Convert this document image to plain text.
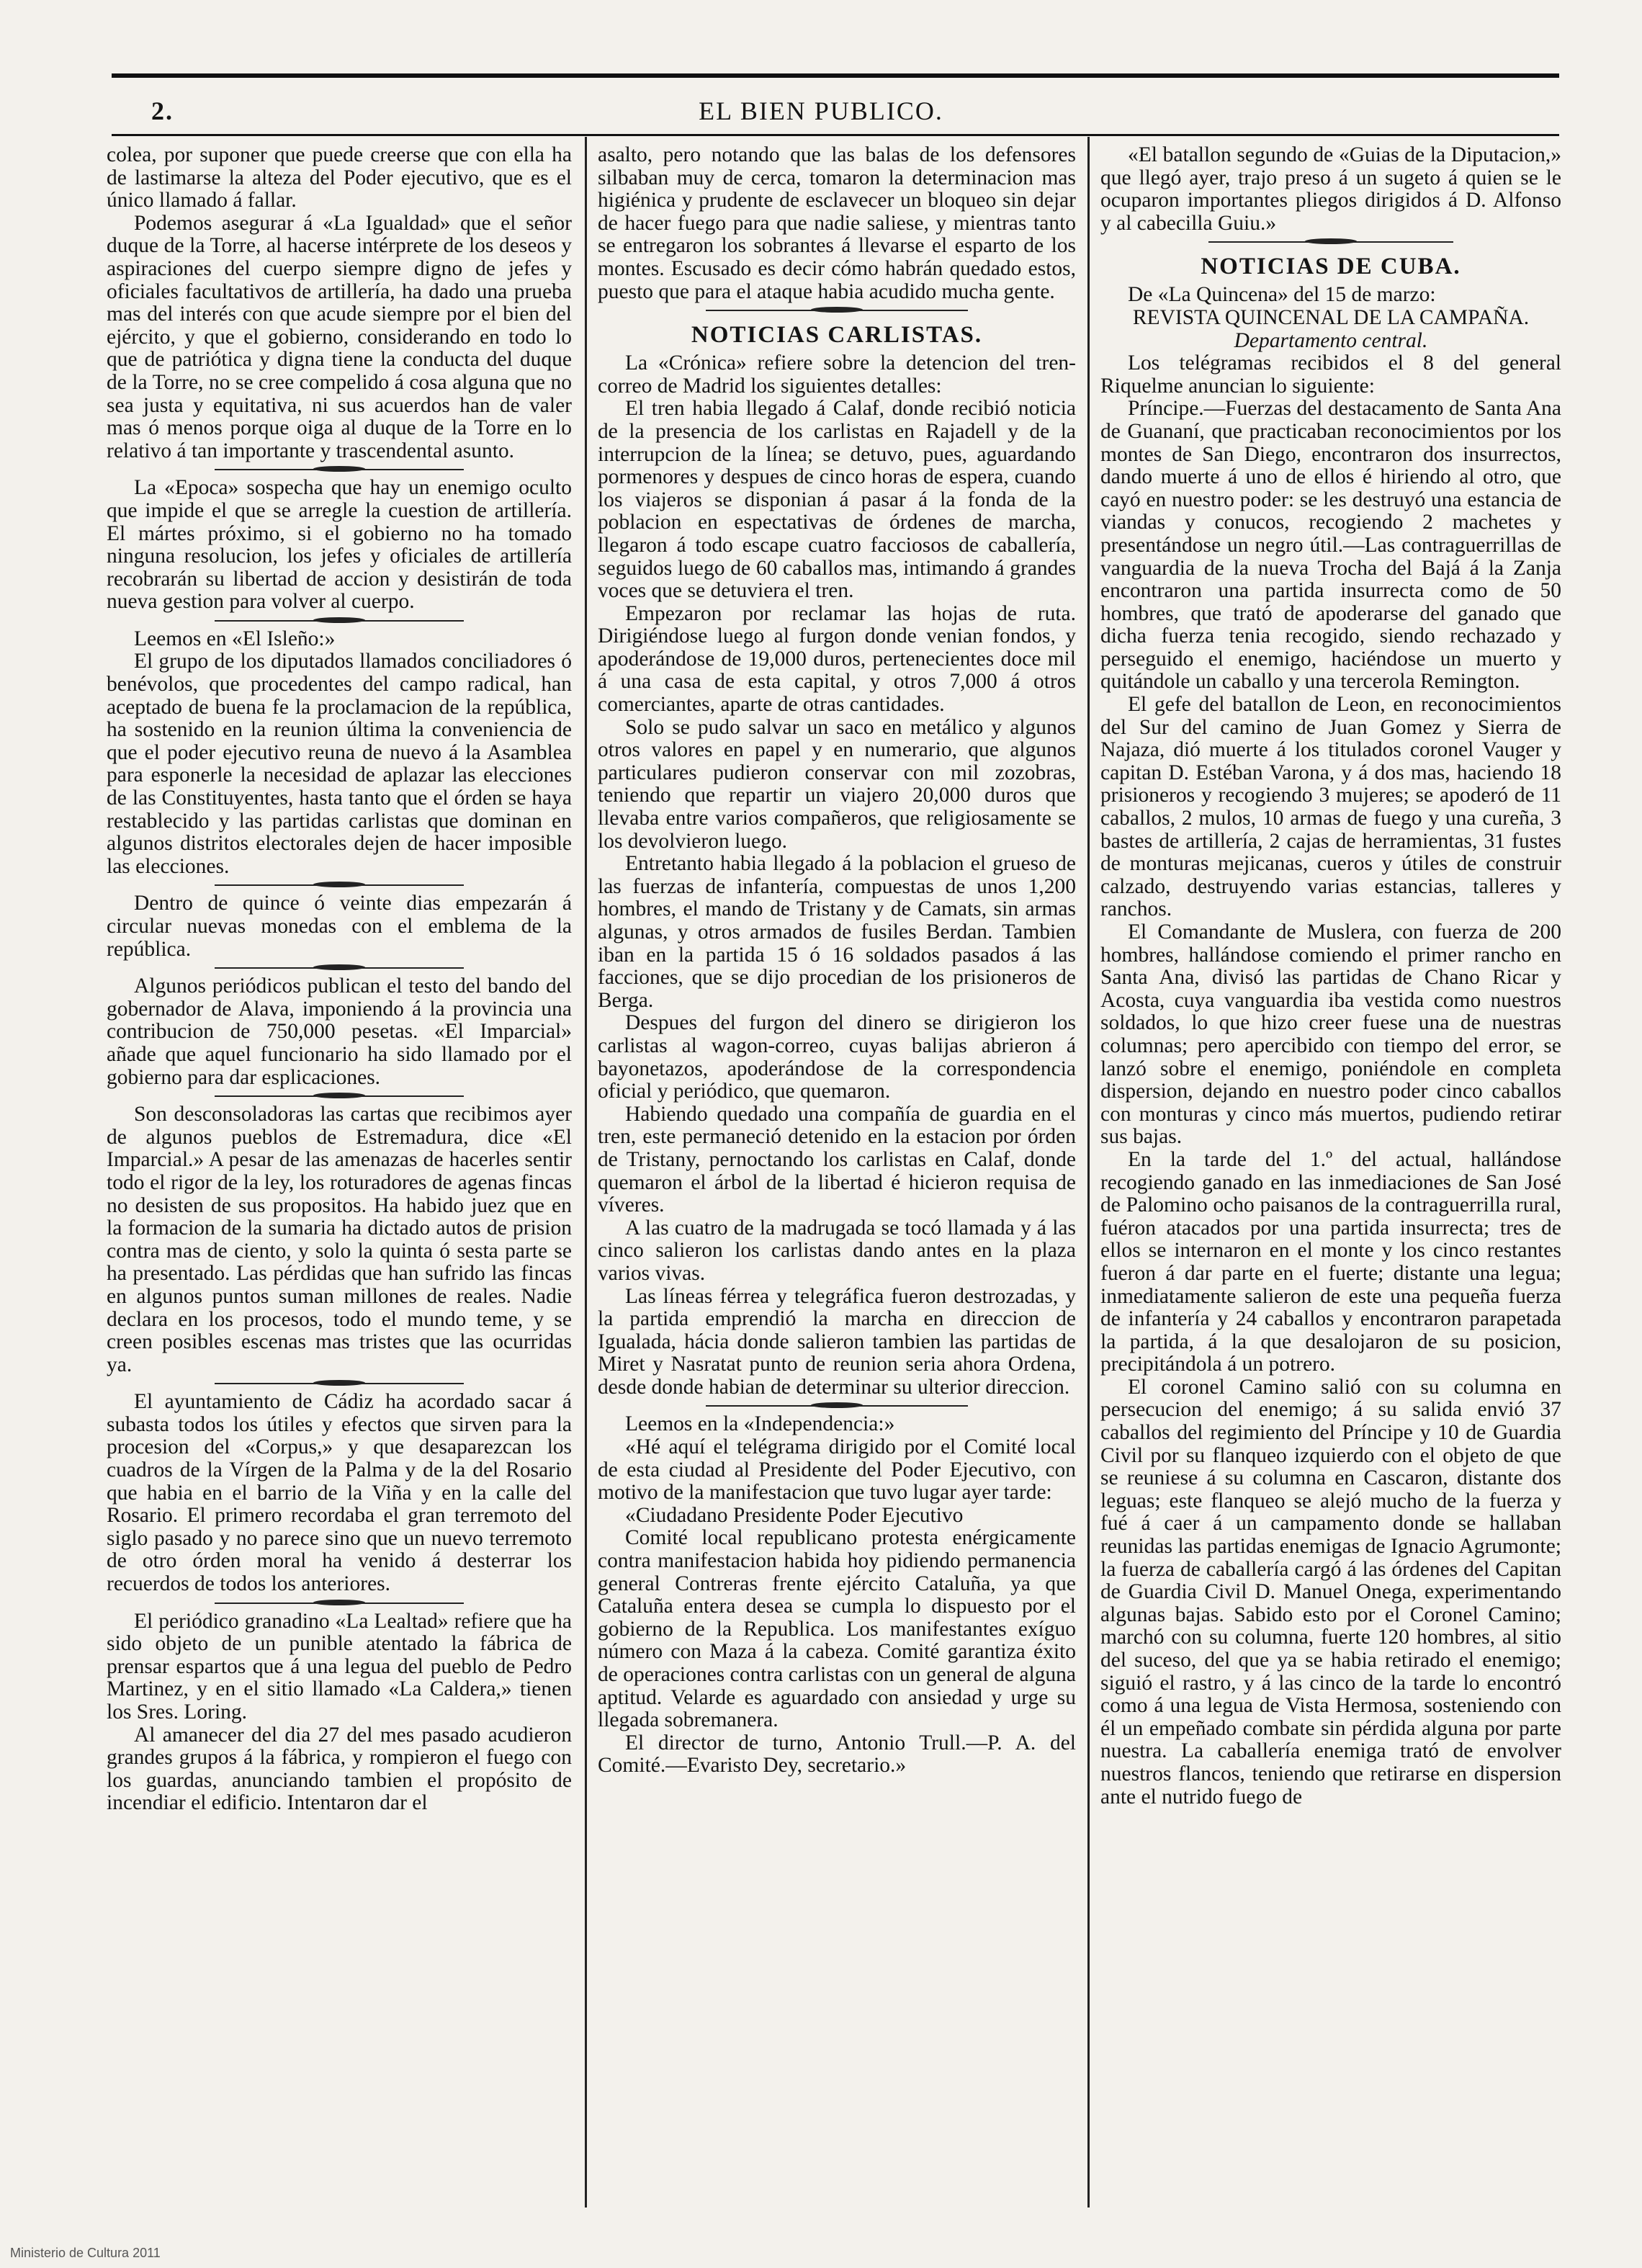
EL BIEN PUBLICO.
2.

colea, por suponer que puede creerse que con ella ha de lastimarse la alteza del Poder ejecutivo, que es el único llamado á fallar.

Podemos asegurar á «La Igualdad» que el señor duque de la Torre, al hacerse intérprete de los deseos y aspiraciones del cuerpo siempre digno de jefes y oficiales facultativos de artillería, ha dado una prueba mas del interés con que acude siempre por el bien del ejército, y que el gobierno, considerando en todo lo que de patriótica y digna tiene la conducta del duque de la Torre, no se cree compelido á cosa alguna que no sea justa y equitativa, ni sus acuerdos han de valer mas ó menos porque oiga al duque de la Torre en lo relativo á tan importante y trascendental asunto.

La «Epoca» sospecha que hay un enemigo oculto que impide el que se arregle la cuestion de artillería. El mártes próximo, si el gobierno no ha tomado ninguna resolucion, los jefes y oficiales de artillería recobrarán su libertad de accion y desistirán de toda nueva gestion para volver al cuerpo.

Leemos en «El Isleño:»

El grupo de los diputados llamados conciliadores ó benévolos, que procedentes del campo radical, han aceptado de buena fe la proclamacion de la república, ha sostenido en la reunion última la conveniencia de que el poder ejecutivo reuna de nuevo á la Asamblea para esponerle la necesidad de aplazar las elecciones de las Constituyentes, hasta tanto que el órden se haya restablecido y las partidas carlistas que dominan en algunos distritos electorales dejen de hacer imposible las elecciones.

Dentro de quince ó veinte dias empezarán á circular nuevas monedas con el emblema de la república.

Algunos periódicos publican el testo del bando del gobernador de Alava, imponiendo á la provincia una contribucion de 750,000 pesetas. «El Imparcial» añade que aquel funcionario ha sido llamado por el gobierno para dar esplicaciones.

Son desconsoladoras las cartas que recibimos ayer de algunos pueblos de Estremadura, dice «El Imparcial.» A pesar de las amenazas de hacerles sentir todo el rigor de la ley, los roturadores de agenas fincas no desisten de sus propositos. Ha habido juez que en la formacion de la sumaria ha dictado autos de prision contra mas de ciento, y solo la quinta ó sesta parte se ha presentado. Las pérdidas que han sufrido las fincas en algunos puntos suman millones de reales. Nadie declara en los procesos, todo el mundo teme, y se creen posibles escenas mas tristes que las ocurridas ya.

El ayuntamiento de Cádiz ha acordado sacar á subasta todos los útiles y efectos que sirven para la procesion del «Corpus,» y que desaparezcan los cuadros de la Vírgen de la Palma y de la del Rosario que habia en el barrio de la Viña y en la calle del Rosario. El primero recordaba el gran terremoto del siglo pasado y no parece sino que un nuevo terremoto de otro órden moral ha venido á desterrar los recuerdos de todos los anteriores.

El periódico granadino «La Lealtad» refiere que ha sido objeto de un punible atentado la fábrica de prensar espartos que á una legua del pueblo de Pedro Martinez, y en el sitio llamado «La Caldera,» tienen los Sres. Loring.

Al amanecer del dia 27 del mes pasado acudieron grandes grupos á la fábrica, y rompieron el fuego con los guardas, anunciando tambien el propósito de incendiar el edificio. Intentaron dar el

asalto, pero notando que las balas de los defensores silbaban muy de cerca, tomaron la determinacion mas higiénica y prudente de esclavecer un bloqueo sin dejar de hacer fuego para que nadie saliese, y mientras tanto se entregaron los sobrantes á llevarse el esparto de los montes. Escusado es decir cómo habrán quedado estos, puesto que para el ataque habia acudido mucha gente.

NOTICIAS CARLISTAS.

La «Crónica» refiere sobre la detencion del tren-correo de Madrid los siguientes detalles:

El tren habia llegado á Calaf, donde recibió noticia de la presencia de los carlistas en Rajadell y de la interrupcion de la línea; se detuvo, pues, aguardando pormenores y despues de cinco horas de espera, cuando los viajeros se disponian á pasar á la fonda de la poblacion en espectativas de órdenes de marcha, llegaron á todo escape cuatro facciosos de caballería, seguidos luego de 60 caballos mas, intimando á grandes voces que se detuviera el tren.

Empezaron por reclamar las hojas de ruta. Dirigiéndose luego al furgon donde venian fondos, y apoderándose de 19,000 duros, pertenecientes doce mil á una casa de esta capital, y otros 7,000 á otros comerciantes, aparte de otras cantidades.

Solo se pudo salvar un saco en metálico y algunos otros valores en papel y en numerario, que algunos particulares pudieron conservar con mil zozobras, teniendo que repartir un viajero 20,000 duros que llevaba entre varios compañeros, que religiosamente se los devolvieron luego.

Entretanto habia llegado á la poblacion el grueso de las fuerzas de infantería, compuestas de unos 1,200 hombres, el mando de Tristany y de Camats, sin armas algunas, y otros armados de fusiles Berdan. Tambien iban en la partida 15 ó 16 soldados pasados á las facciones, que se dijo procedian de los prisioneros de Berga.

Despues del furgon del dinero se dirigieron los carlistas al wagon-correo, cuyas balijas abrieron á bayonetazos, apoderándose de la correspondencia oficial y periódico, que quemaron.

Habiendo quedado una compañía de guardia en el tren, este permaneció detenido en la estacion por órden de Tristany, pernoctando los carlistas en Calaf, donde quemaron el árbol de la libertad é hicieron requisa de víveres.

A las cuatro de la madrugada se tocó llamada y á las cinco salieron los carlistas dando antes en la plaza varios vivas.

Las líneas férrea y telegráfica fueron destrozadas, y la partida emprendió la marcha en direccion de Igualada, hácia donde salieron tambien las partidas de Miret y Nasratat punto de reunion seria ahora Ordena, desde donde habian de determinar su ulterior direccion.

Leemos en la «Independencia:»

«Hé aquí el telégrama dirigido por el Comité local de esta ciudad al Presidente del Poder Ejecutivo, con motivo de la manifestacion que tuvo lugar ayer tarde:

«Ciudadano Presidente Poder Ejecutivo

Comité local republicano protesta enérgicamente contra manifestacion habida hoy pidiendo permanencia general Contreras frente ejército Cataluña, ya que Cataluña entera desea se cumpla lo dispuesto por el gobierno de la Republica. Los manifestantes exíguo número con Maza á la cabeza. Comité garantiza éxito de operaciones contra carlistas con un general de alguna aptitud. Velarde es aguardado con ansiedad y urge su llegada sobremanera.

El director de turno, Antonio Trull.—P. A. del Comité.—Evaristo Dey, secretario.»

«El batallon segundo de «Guias de la Diputacion,» que llegó ayer, trajo preso á un sugeto á quien se le ocuparon importantes pliegos dirigidos á D. Alfonso y al cabecilla Guiu.»

NOTICIAS DE CUBA.

De «La Quincena» del 15 de marzo:

REVISTA QUINCENAL DE LA CAMPAÑA.

Departamento central.

Los telégramas recibidos el 8 del general Riquelme anuncian lo siguiente:

Príncipe.—Fuerzas del destacamento de Santa Ana de Guananí, que practicaban reconocimientos por los montes de San Diego, encontraron dos insurrectos, dando muerte á uno de ellos é hiriendo al otro, que cayó en nuestro poder: se les destruyó una estancia de viandas y conucos, recogiendo 2 machetes y presentándose un negro útil.—Las contraguerrillas de vanguardia de la nueva Trocha del Bajá á la Zanja encontraron una partida insurrecta como de 50 hombres, que trató de apoderarse del ganado que dicha fuerza tenia recogido, siendo rechazado y perseguido el enemigo, haciéndose un muerto y quitándole un caballo y una tercerola Remington.

El gefe del batallon de Leon, en reconocimientos del Sur del camino de Juan Gomez y Sierra de Najaza, dió muerte á los titulados coronel Vauger y capitan D. Estéban Varona, y á dos mas, haciendo 18 prisioneros y recogiendo 3 mujeres; se apoderó de 11 caballos, 2 mulos, 10 armas de fuego y una cureña, 3 bastes de artillería, 2 cajas de herramientas, 31 fustes de monturas mejicanas, cueros y útiles de construir calzado, destruyendo varias estancias, talleres y ranchos.

El Comandante de Muslera, con fuerza de 200 hombres, hallándose comiendo el primer rancho en Santa Ana, divisó las partidas de Chano Ricar y Acosta, cuya vanguardia iba vestida como nuestros soldados, lo que hizo creer fuese una de nuestras columnas; pero apercibido con tiempo del error, se lanzó sobre el enemigo, poniéndole en completa dispersion, dejando en nuestro poder cinco caballos con monturas y cinco más muertos, pudiendo retirar sus bajas.

En la tarde del 1.º del actual, hallándose recogiendo ganado en las inmediaciones de San José de Palomino ocho paisanos de la contraguerrilla rural, fuéron atacados por una partida insurrecta; tres de ellos se internaron en el monte y los cinco restantes fueron á dar parte en el fuerte; distante una legua; inmediatamente salieron de este una pequeña fuerza de infantería y 24 caballos y encontraron parapetada la partida, á la que desalojaron de su posicion, precipitándola á un potrero.

El coronel Camino salió con su columna en persecucion del enemigo; á su salida envió 37 caballos del regimiento del Príncipe y 10 de Guardia Civil por su flanqueo izquierdo con el objeto de que se reuniese á su columna en Cascaron, distante dos leguas; este flanqueo se alejó mucho de la fuerza y fué á caer á un campamento donde se hallaban reunidas las partidas enemigas de Ignacio Agrumonte; la fuerza de caballería cargó á las órdenes del Capitan de Guardia Civil D. Manuel Onega, experimentando algunas bajas. Sabido esto por el Coronel Camino; marchó con su columna, fuerte 120 hombres, al sitio del suceso, del que ya se habia retirado el enemigo; siguió el rastro, y á las cinco de la tarde lo encontró como á una legua de Vista Hermosa, sosteniendo con él un empeñado combate sin pérdida alguna por parte nuestra. La caballería enemiga trató de envolver nuestros flancos, teniendo que retirarse en dispersion ante el nutrido fuego de

Ministerio de Cultura 2011
